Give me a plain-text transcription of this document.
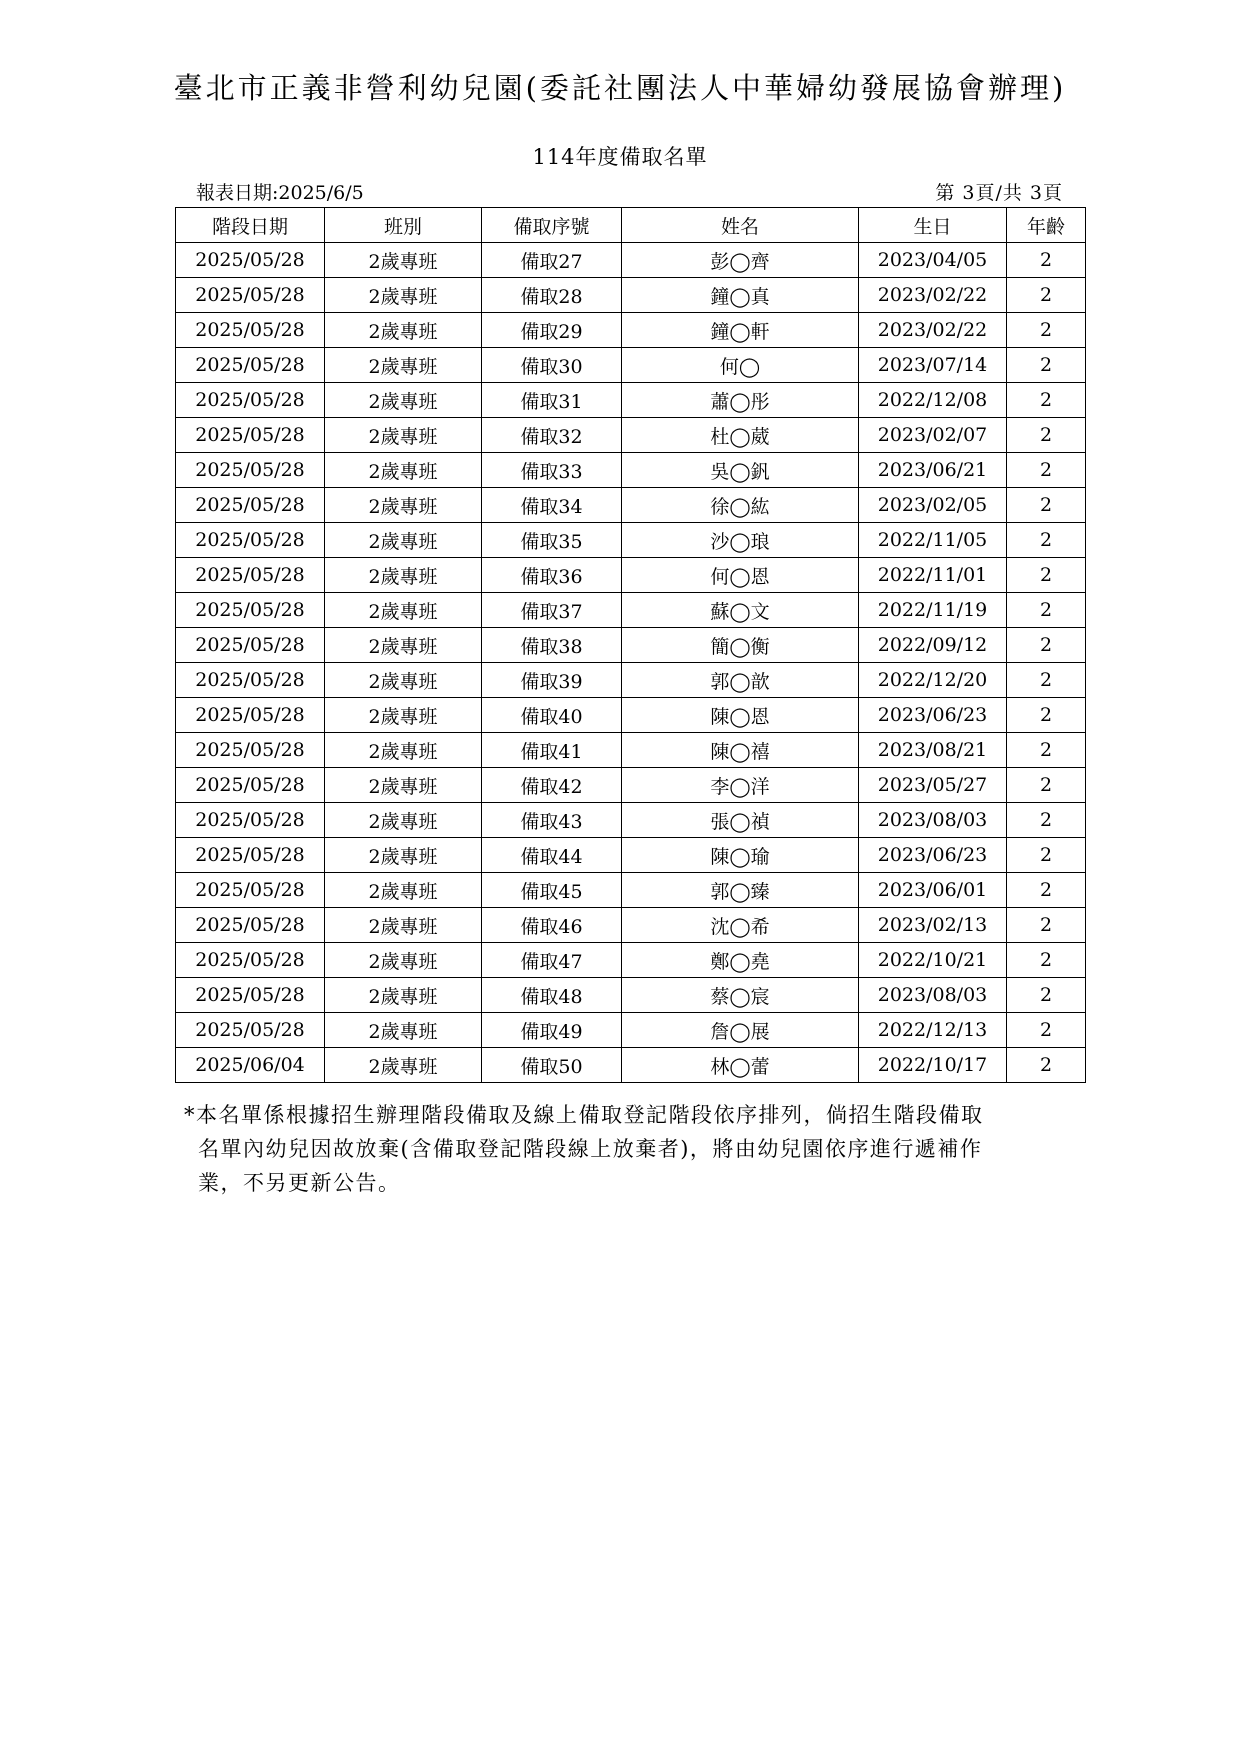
臺北市正義非營利幼兒園(委託社團法人中華婦幼發展協會辦理)
114年度備取名單
報表日期:2025/6/5	第 3頁/共 3頁
階段日期	班別	備取序號	姓名	生日	年齡
2025/05/28	2歲專班	備取27	彭◯齊	2023/04/05	2
2025/05/28	2歲專班	備取28	鐘◯真	2023/02/22	2
2025/05/28	2歲專班	備取29	鐘◯軒	2023/02/22	2
2025/05/28	2歲專班	備取30	何◯	2023/07/14	2
2025/05/28	2歲專班	備取31	蕭◯彤	2022/12/08	2
2025/05/28	2歲專班	備取32	杜◯葳	2023/02/07	2
2025/05/28	2歲專班	備取33	吳◯釩	2023/06/21	2
2025/05/28	2歲專班	備取34	徐◯紘	2023/02/05	2
2025/05/28	2歲專班	備取35	沙◯琅	2022/11/05	2
2025/05/28	2歲專班	備取36	何◯恩	2022/11/01	2
2025/05/28	2歲專班	備取37	蘇◯文	2022/11/19	2
2025/05/28	2歲專班	備取38	簡◯衡	2022/09/12	2
2025/05/28	2歲專班	備取39	郭◯歆	2022/12/20	2
2025/05/28	2歲專班	備取40	陳◯恩	2023/06/23	2
2025/05/28	2歲專班	備取41	陳◯禧	2023/08/21	2
2025/05/28	2歲專班	備取42	李◯洋	2023/05/27	2
2025/05/28	2歲專班	備取43	張◯禎	2023/08/03	2
2025/05/28	2歲專班	備取44	陳◯瑜	2023/06/23	2
2025/05/28	2歲專班	備取45	郭◯臻	2023/06/01	2
2025/05/28	2歲專班	備取46	沈◯希	2023/02/13	2
2025/05/28	2歲專班	備取47	鄭◯堯	2022/10/21	2
2025/05/28	2歲專班	備取48	蔡◯宸	2023/08/03	2
2025/05/28	2歲專班	備取49	詹◯展	2022/12/13	2
2025/06/04	2歲專班	備取50	林◯蕾	2022/10/17	2
*本名單係根據招生辦理階段備取及線上備取登記階段依序排列，倘招生階段備取
名單內幼兒因故放棄(含備取登記階段線上放棄者)，將由幼兒園依序進行遞補作
業，不另更新公告。
